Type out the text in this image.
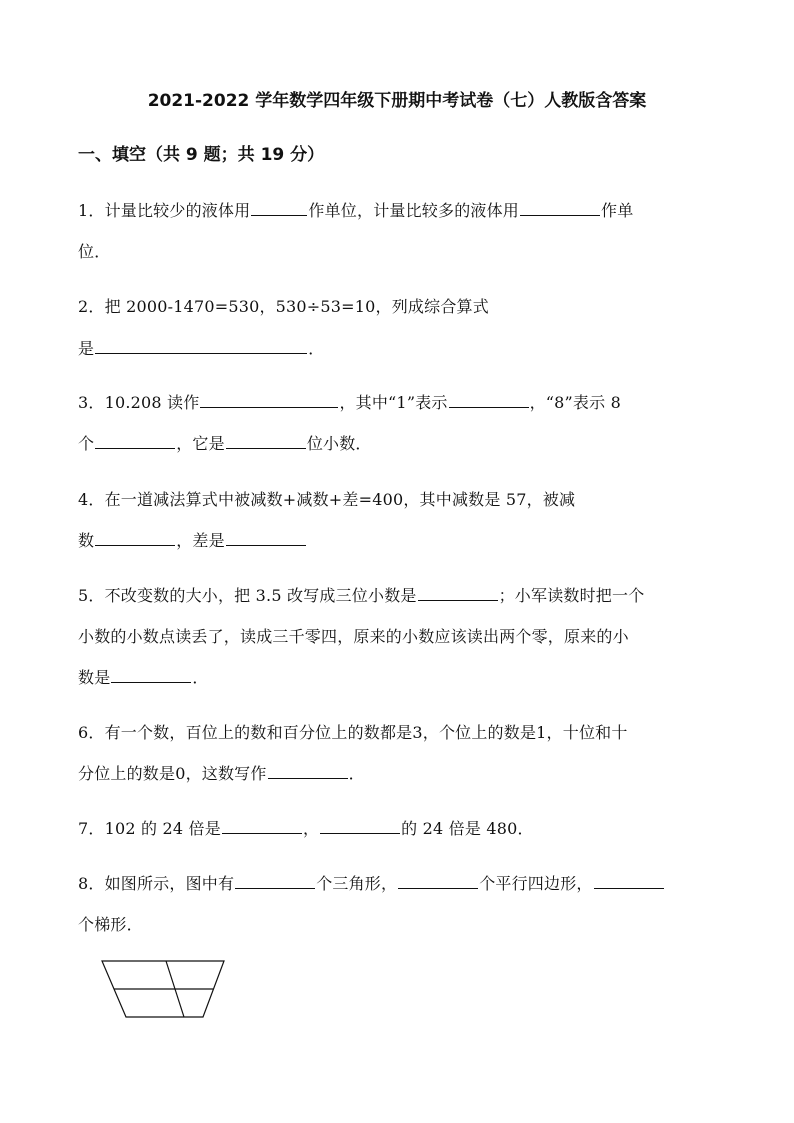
2021-2022 学年数学四年级下册期中考试卷（七）人教版含答案
一、填空（共 9 题；共 19 分）
1．计量比较少的液体用	作单位，计量比较多的液体用	作单
位．
2．把 2000-1470=530，530÷53=10，列成综合算式
是	．
3．10.208 读作	，其中“1”表示	，“8”表示 8
个	，它是	位小数．
4．在一道减法算式中被减数+减数+差=400，其中减数是 57，被减
数	，差是
5．不改变数的大小，把 3.5 改写成三位小数是	；小军读数时把一个
小数的小数点读丢了，读成三千零四，原来的小数应该读出两个零，原来的小
数是	．
6．有一个数，百位上的数和百分位上的数都是3，个位上的数是1，十位和十
分位上的数是0，这数写作	．
7．102 的 24 倍是	，	的 24 倍是 480．
8．如图所示，图中有	个三角形，	个平行四边形，
个梯形．
